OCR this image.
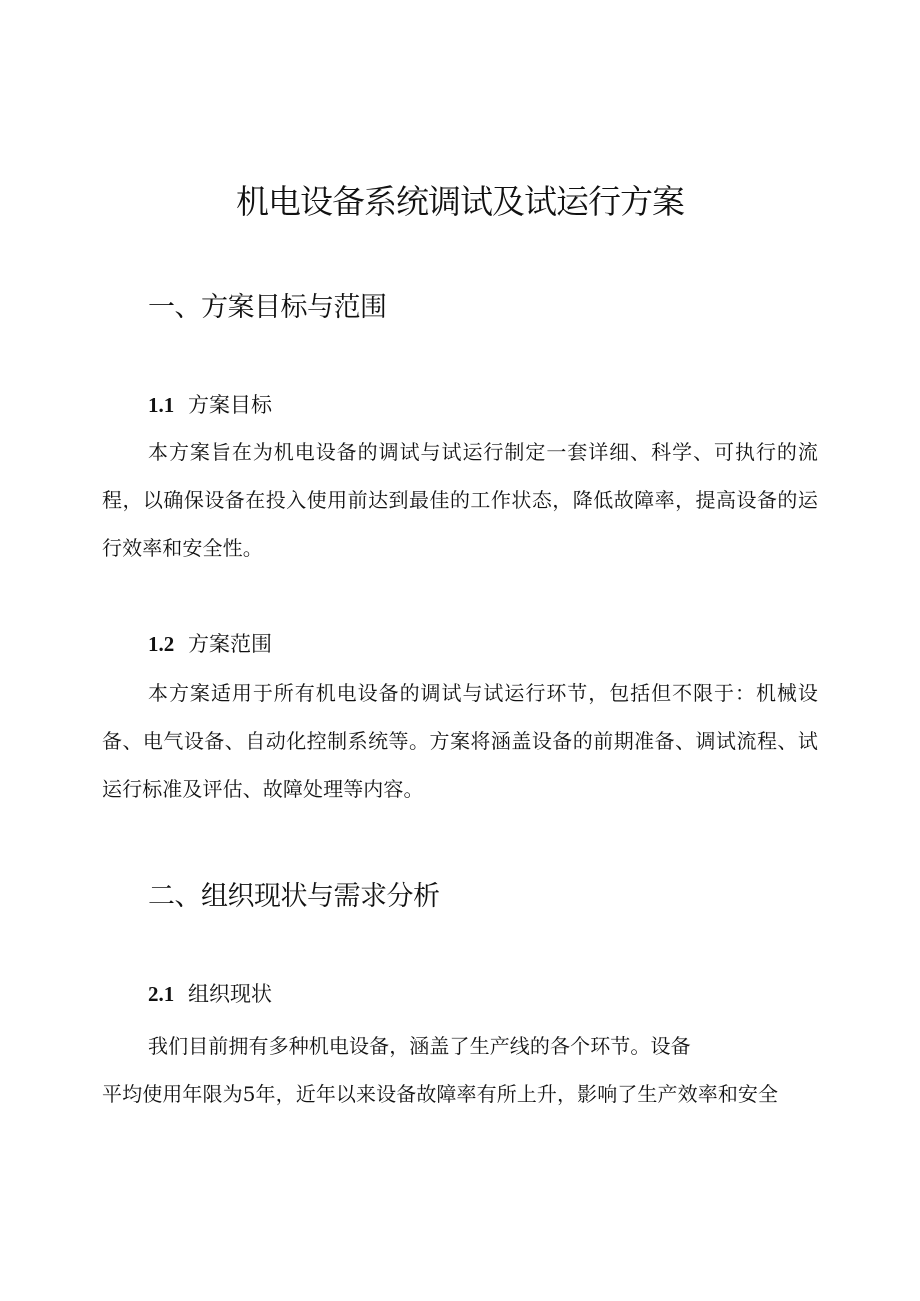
机电设备系统调试及试运行方案
一、方案目标与范围
1.1 方案目标

本方案旨在为机电设备的调试与试运行制定一套详细、科学、可执行的流程，以确保设备在投入使用前达到最佳的工作状态，降低故障率，提高设备的运行效率和安全性。

1.2 方案范围

本方案适用于所有机电设备的调试与试运行环节，包括但不限于：机械设备、电气设备、自动化控制系统等。方案将涵盖设备的前期准备、调试流程、试运行标准及评估、故障处理等内容。

二、组织现状与需求分析
2.1 组织现状

我们目前拥有多种机电设备，涵盖了生产线的各个环节。设备
平均使用年限为5年，近年以来设备故障率有所上升，影响了生产效率和安全
